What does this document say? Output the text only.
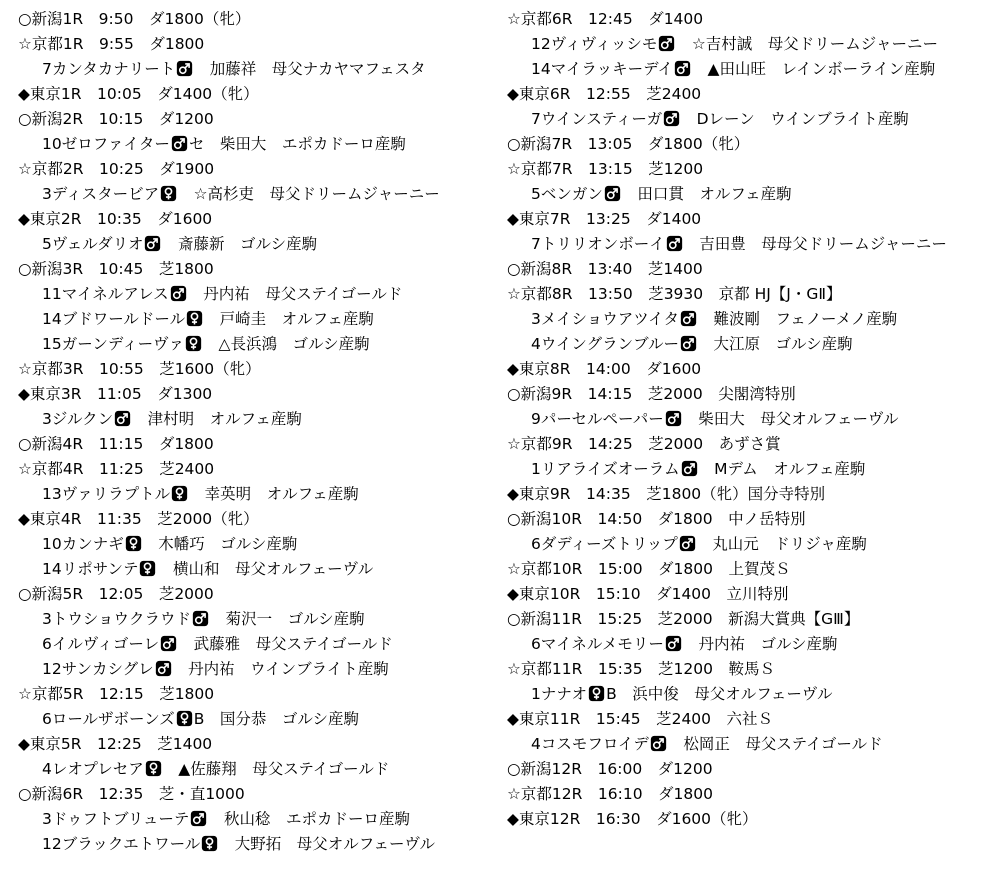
○新潟1R　9:50　ダ1800（牝）
☆京都1R　9:55　ダ1800
7カンタカナリート　加藤祥　母父ナカヤマフェスタ
◆東京1R　10:05　ダ1400（牝）
○新潟2R　10:15　ダ1200
10ゼロファイター セ　柴田大　エポカドーロ産駒
☆京都2R　10:25　ダ1900
3ディスタービア　☆高杉吏　母父ドリームジャーニー
◆東京2R　10:35　ダ1600
5ヴェルダリオ　斎藤新　ゴルシ産駒
○新潟3R　10:45　芝1800
11マイネルアレス　丹内祐　母父ステイゴールド
14ブドワールドール　戸崎圭　オルフェ産駒
15ガーンディーヴァ　△長浜鴻　ゴルシ産駒
☆京都3R　10:55　芝1600（牝）
◆東京3R　11:05　ダ1300
3ジルクン　津村明　オルフェ産駒
○新潟4R　11:15　ダ1800
☆京都4R　11:25　芝2400
13ヴァリラプトル　幸英明　オルフェ産駒
◆東京4R　11:35　芝2000（牝）
10カンナギ　木幡巧　ゴルシ産駒
14リポサンテ　横山和　母父オルフェーヴル
○新潟5R　12:05　芝2000
3トウショウクラウド　菊沢一　ゴルシ産駒
6イルヴィゴーレ　武藤雅　母父ステイゴールド
12サンカシグレ　丹内祐　ウインブライト産駒
☆京都5R　12:15　芝1800
6ロールザボーンズ B　国分恭　ゴルシ産駒
◆東京5R　12:25　芝1400
4レオプレセア　▲佐藤翔　母父ステイゴールド
○新潟6R　12:35　芝・直1000
3ドゥフトブリューテ　秋山稔　エポカドーロ産駒
12ブラックエトワール　大野拓　母父オルフェーヴル
☆京都6R　12:45　ダ1400
12ヴィヴィッシモ　☆吉村誠　母父ドリームジャーニー
14マイラッキーデイ　▲田山旺　レインボーライン産駒
◆東京6R　12:55　芝2400
7ウインスティーガ　Dレーン　ウインブライト産駒
○新潟7R　13:05　ダ1800（牝）
☆京都7R　13:15　芝1200
5ベンガン　田口貫　オルフェ産駒
◆東京7R　13:25　ダ1400
7トリリオンボーイ　吉田豊　母母父ドリームジャーニー
○新潟8R　13:40　芝1400
☆京都8R　13:50　芝3930　京都 HJ【J・GⅡ】
3メイショウアツイタ　難波剛　フェノーメノ産駒
4ウイングランブルー　大江原　ゴルシ産駒
◆東京8R　14:00　ダ1600
○新潟9R　14:15　芝2000　尖閣湾特別
9パーセルペーパー　柴田大　母父オルフェーヴル
☆京都9R　14:25　芝2000　あずさ賞
1リアライズオーラム　Mデム　オルフェ産駒
◆東京9R　14:35　芝1800（牝）国分寺特別
○新潟10R　14:50　ダ1800　中ノ岳特別
6ダディーズトリップ　丸山元　ドリジャ産駒
☆京都10R　15:00　ダ1800　上賀茂Ｓ
◆東京10R　15:10　ダ1400　立川特別
○新潟11R　15:25　芝2000　新潟大賞典【GⅢ】
6マイネルメモリー　丹内祐　ゴルシ産駒
☆京都11R　15:35　芝1200　鞍馬Ｓ
1ナナオ B　浜中俊　母父オルフェーヴル
◆東京11R　15:45　芝2400　六社Ｓ
4コスモフロイデ　松岡正　母父ステイゴールド
○新潟12R　16:00　ダ1200
☆京都12R　16:10　ダ1800
◆東京12R　16:30　ダ1600（牝）
